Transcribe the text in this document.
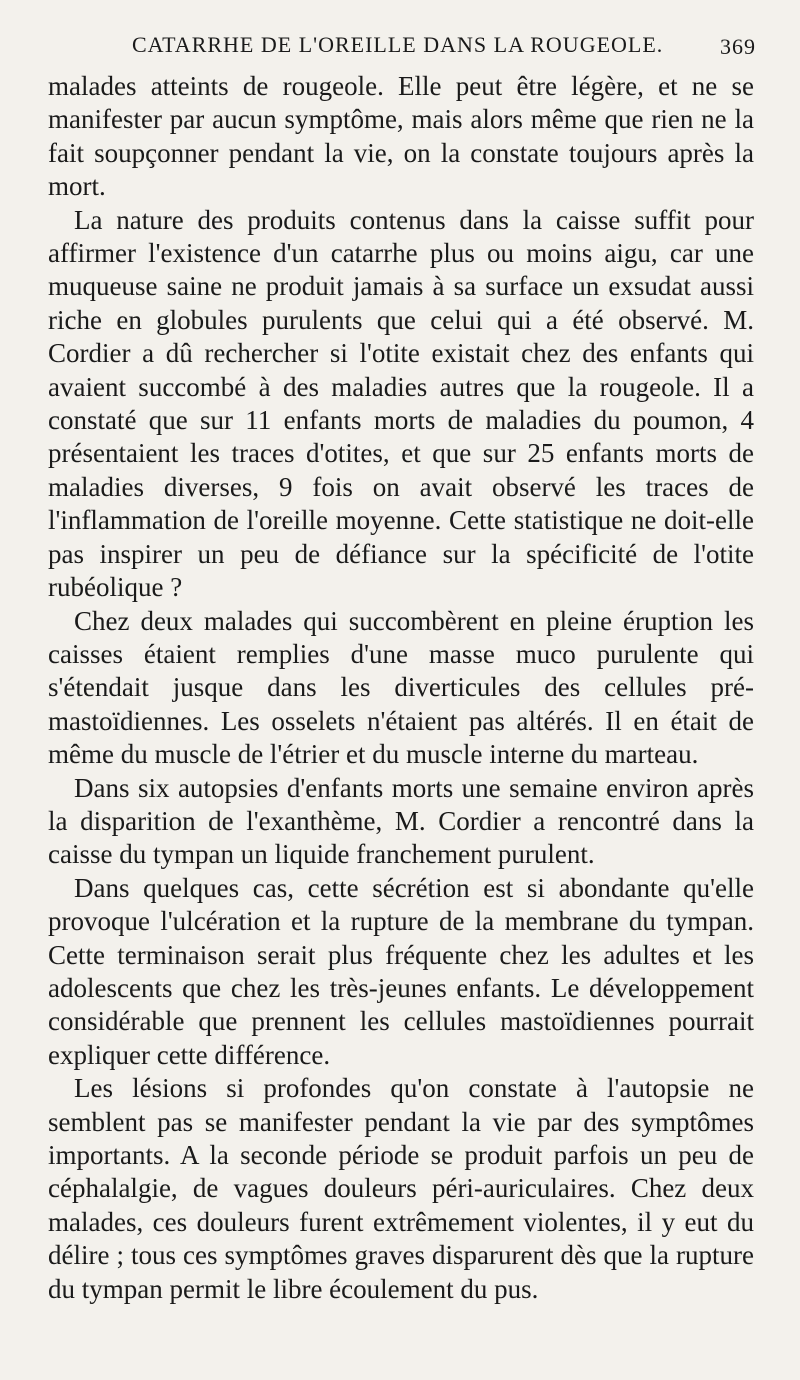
CATARRHE DE L'OREILLE DANS LA ROUGEOLE.	369

malades atteints de rougeole. Elle peut être légère, et ne se manifester par aucun symptôme, mais alors même que rien ne la fait soupçonner pendant la vie, on la constate toujours après la mort.

La nature des produits contenus dans la caisse suffit pour affirmer l'existence d'un catarrhe plus ou moins aigu, car une muqueuse saine ne produit jamais à sa surface un exsudat aussi riche en globules purulents que celui qui a été observé. M. Cordier a dû rechercher si l'otite existait chez des enfants qui avaient succombé à des maladies autres que la rougeole. Il a constaté que sur 11 enfants morts de maladies du poumon, 4 présentaient les traces d'otites, et que sur 25 enfants morts de maladies diverses, 9 fois on avait observé les traces de l'inflammation de l'oreille moyenne. Cette statistique ne doit-elle pas inspirer un peu de défiance sur la spécificité de l'otite rubéolique ?

Chez deux malades qui succombèrent en pleine éruption les caisses étaient remplies d'une masse muco purulente qui s'étendait jusque dans les diverticules des cellules pré-mastoïdiennes. Les osselets n'étaient pas altérés. Il en était de même du muscle de l'étrier et du muscle interne du marteau.

Dans six autopsies d'enfants morts une semaine environ après la disparition de l'exanthème, M. Cordier a rencontré dans la caisse du tympan un liquide franchement purulent.

Dans quelques cas, cette sécrétion est si abondante qu'elle provoque l'ulcération et la rupture de la membrane du tympan. Cette terminaison serait plus fréquente chez les adultes et les adolescents que chez les très-jeunes enfants. Le développement considérable que prennent les cellules mastoïdiennes pourrait expliquer cette différence.

Les lésions si profondes qu'on constate à l'autopsie ne semblent pas se manifester pendant la vie par des symptômes importants. A la seconde période se produit parfois un peu de céphalalgie, de vagues douleurs péri-auriculaires. Chez deux malades, ces douleurs furent extrêmement violentes, il y eut du délire ; tous ces symptômes graves disparurent dès que la rupture du tympan permit le libre écoulement du pus.
